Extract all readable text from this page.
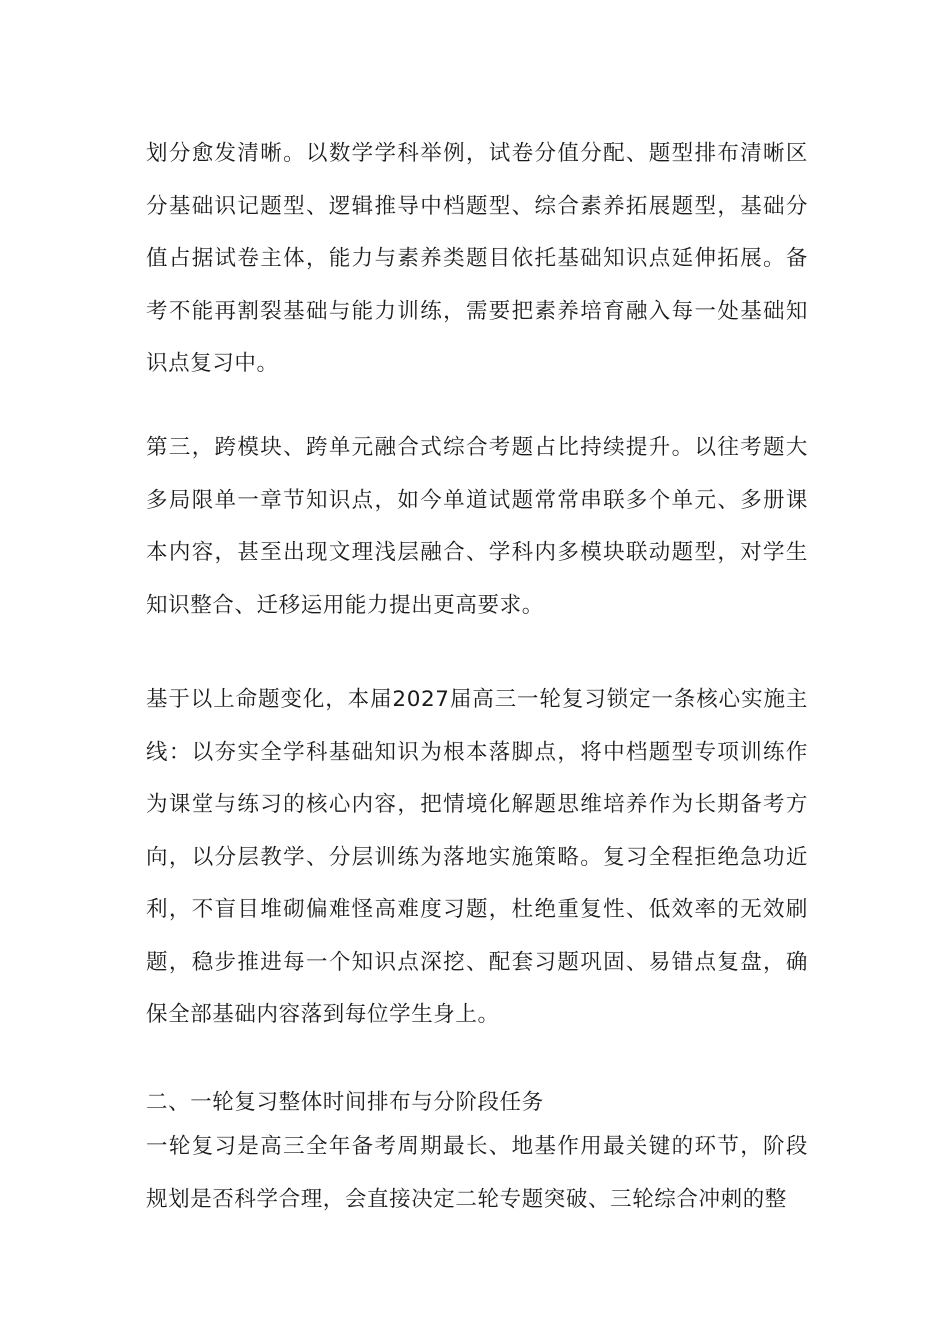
划分愈发清晰。以数学学科举例，试卷分值分配、题型排布清晰区分基础识记题型、逻辑推导中档题型、综合素养拓展题型，基础分值占据试卷主体，能力与素养类题目依托基础知识点延伸拓展。备考不能再割裂基础与能力训练，需要把素养培育融入每一处基础知识点复习中。

第三，跨模块、跨单元融合式综合考题占比持续提升。以往考题大多局限单一章节知识点，如今单道试题常常串联多个单元、多册课本内容，甚至出现文理浅层融合、学科内多模块联动题型，对学生知识整合、迁移运用能力提出更高要求。

基于以上命题变化，本届2027届高三一轮复习锁定一条核心实施主线：以夯实全学科基础知识为根本落脚点，将中档题型专项训练作为课堂与练习的核心内容，把情境化解题思维培养作为长期备考方向，以分层教学、分层训练为落地实施策略。复习全程拒绝急功近利，不盲目堆砌偏难怪高难度习题，杜绝重复性、低效率的无效刷题，稳步推进每一个知识点深挖、配套习题巩固、易错点复盘，确保全部基础内容落到每位学生身上。

二、一轮复习整体时间排布与分阶段任务

一轮复习是高三全年备考周期最长、地基作用最关键的环节，阶段规划是否科学合理，会直接决定二轮专题突破、三轮综合冲刺的整
